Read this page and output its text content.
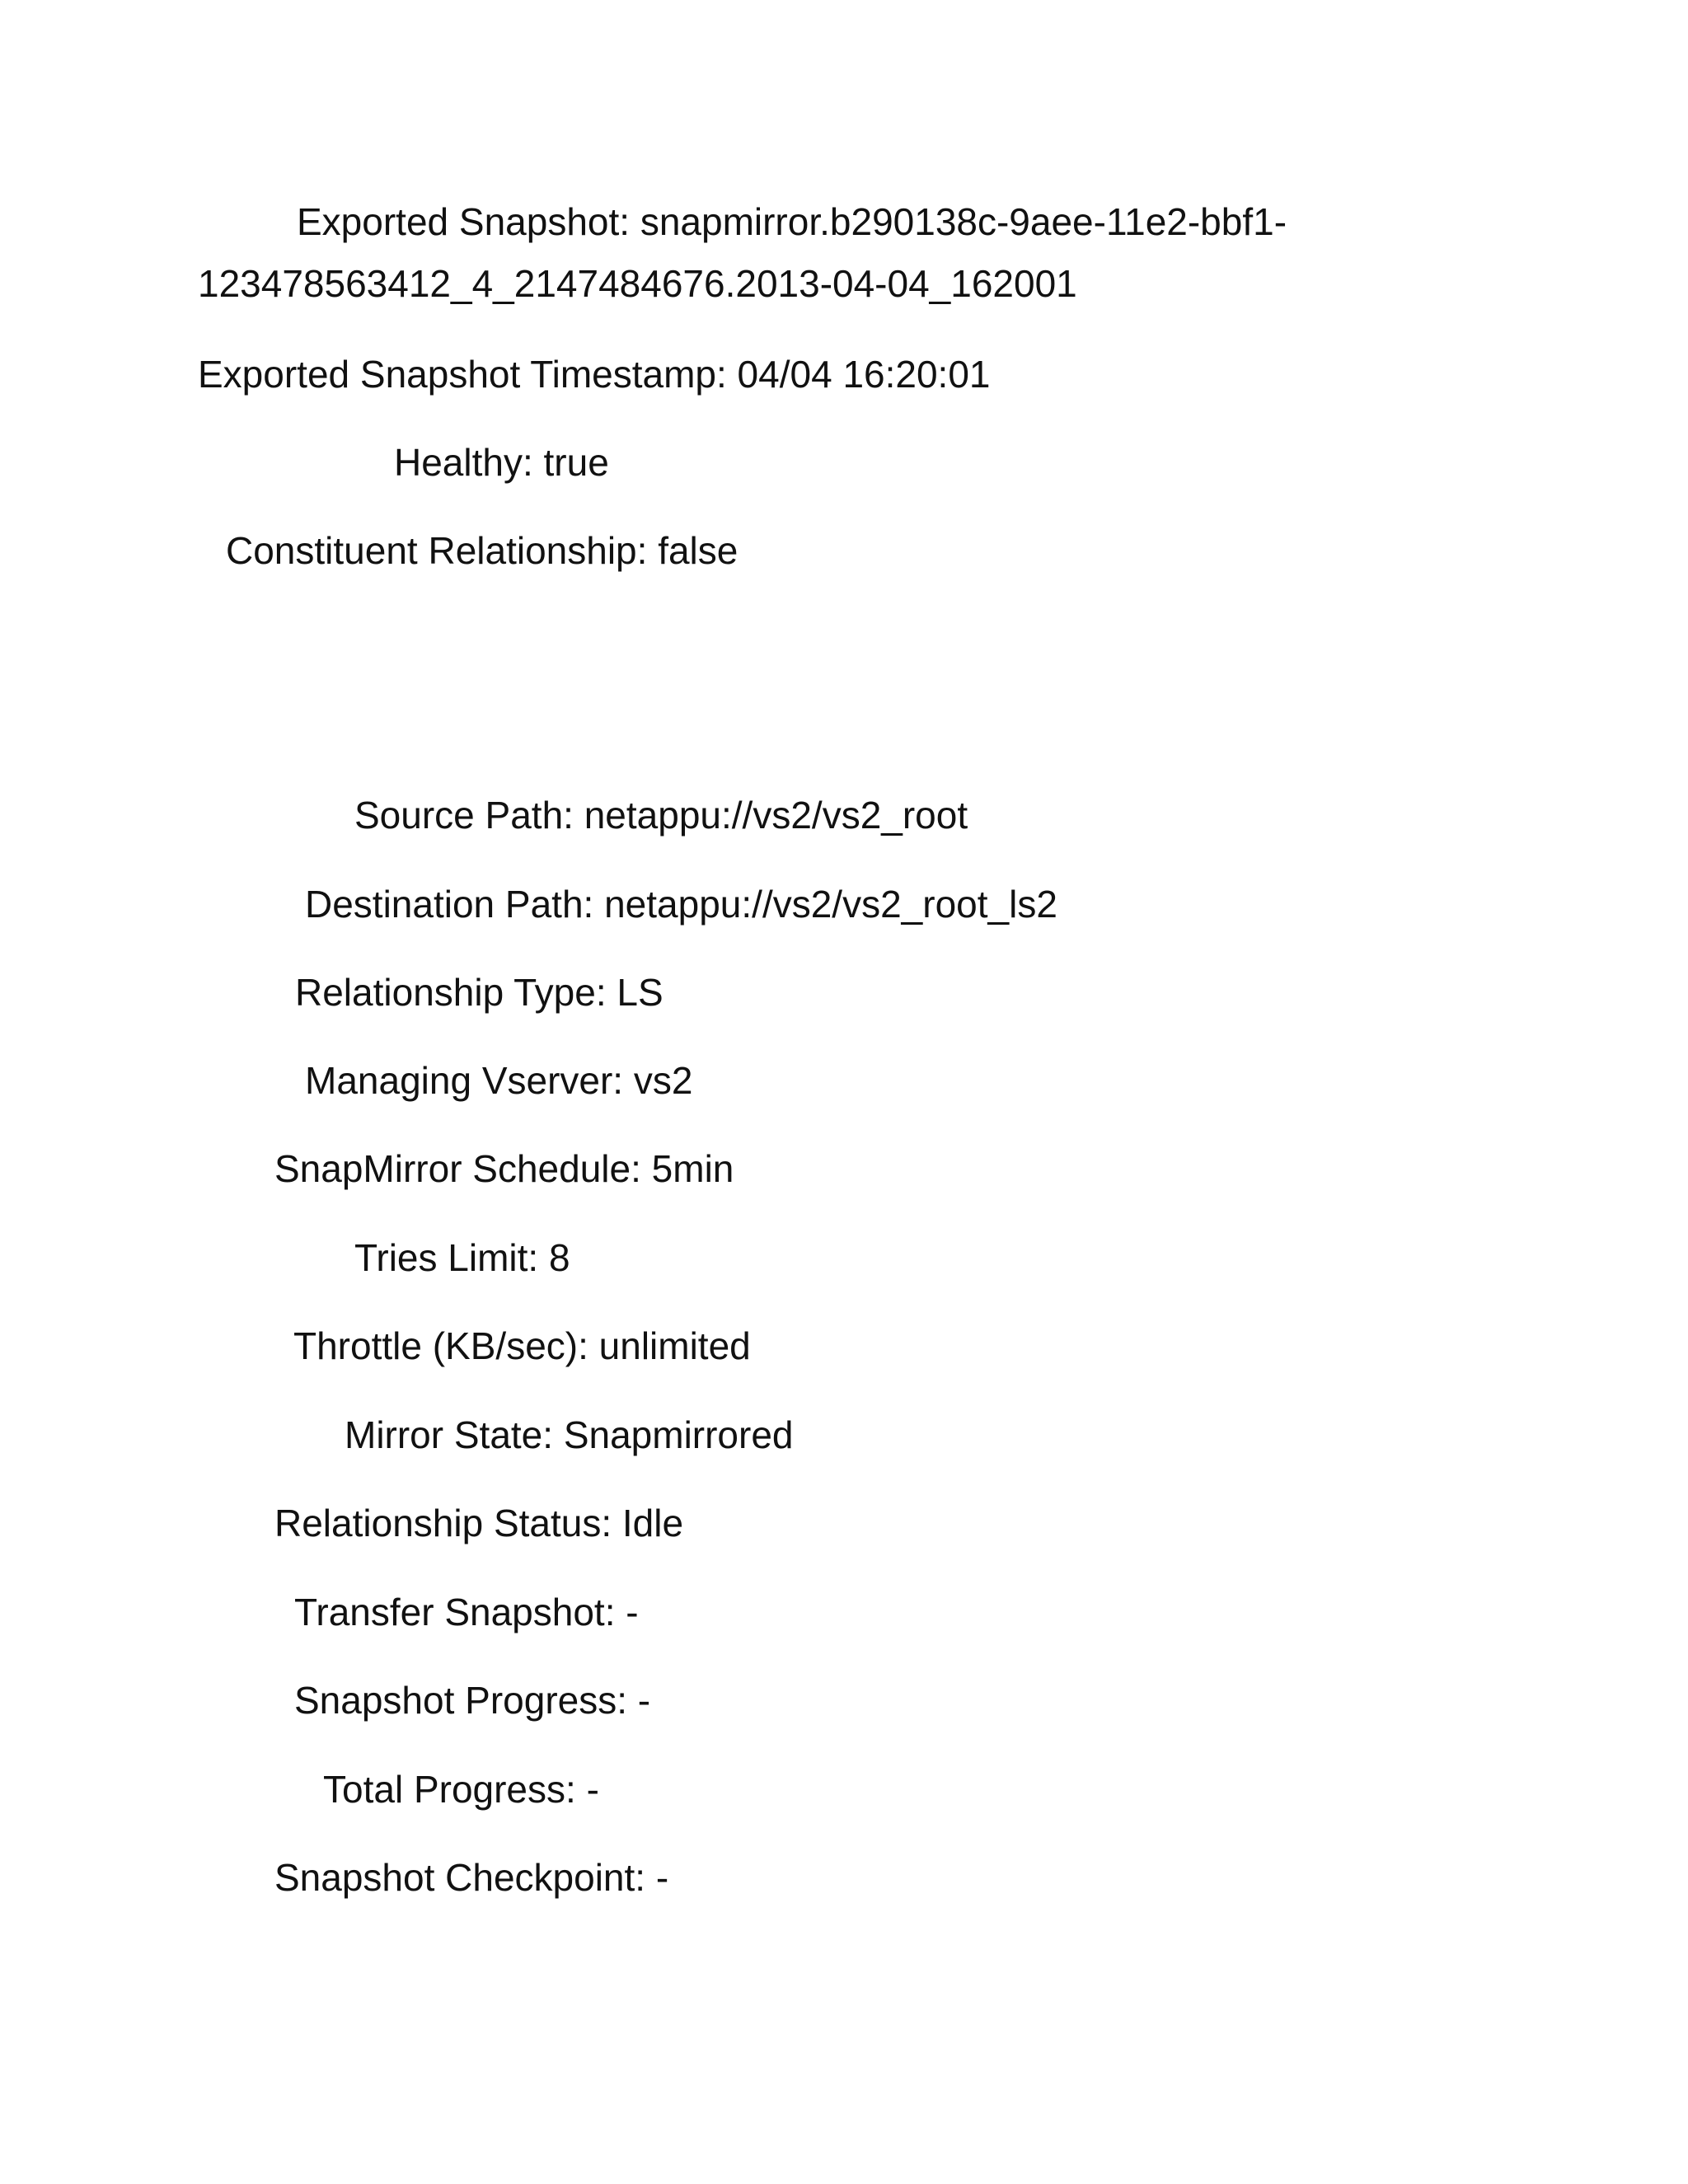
Exported Snapshot: snapmirror.b290138c-9aee-11e2-bbf1-
123478563412_4_2147484676.2013-04-04_162001
Exported Snapshot Timestamp: 04/04 16:20:01
Healthy: true
Constituent Relationship: false
Source Path: netappu://vs2/vs2_root
Destination Path: netappu://vs2/vs2_root_ls2
Relationship Type: LS
Managing Vserver: vs2
SnapMirror Schedule: 5min
Tries Limit: 8
Throttle (KB/sec): unlimited
Mirror State: Snapmirrored
Relationship Status: Idle
Transfer Snapshot: -
Snapshot Progress: -
Total Progress: -
Snapshot Checkpoint: -
